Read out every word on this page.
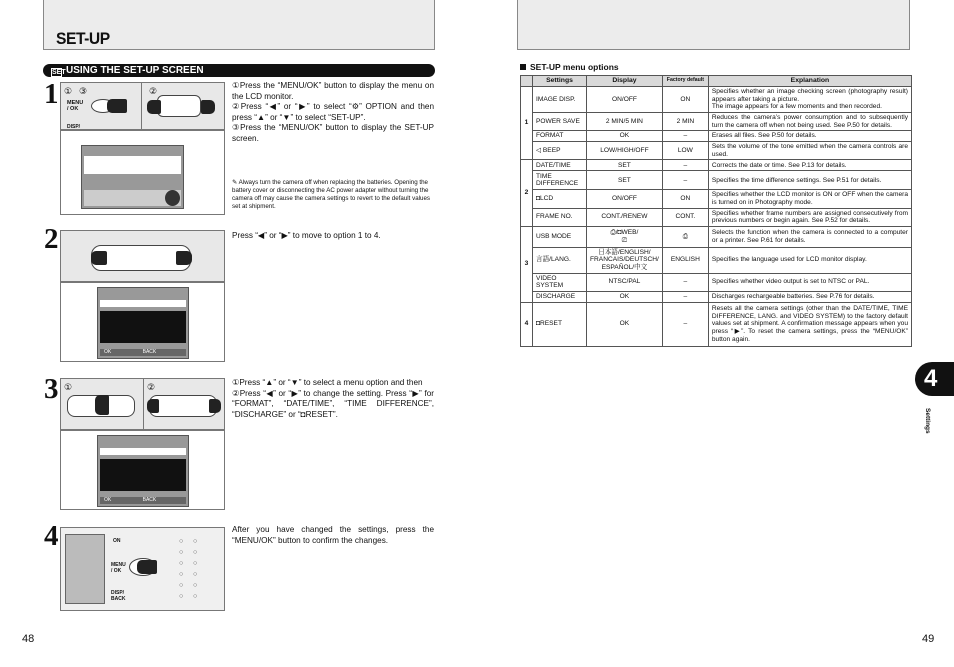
SET-UP
SETUSING THE SET-UP SCREEN
1 ① ③	②
MENU
/ OK
DISP/

①Press the “MENU/OK” button to display the menu on the LCD monitor.

②Press “◀” or “▶” to select “⚙” OPTION and then press “▲” or “▼” to select “SET-UP”.

③Press the “MENU/OK” button to display the SET-UP screen.

✎ Always turn the camera off when replacing the batteries. Opening the battery cover or disconnecting the AC power adapter without turning the camera off may cause the camera settings to revert to the default values set at shipment.
2
OK	BACK

Press “◀” or “▶” to move to option 1 to 4.

3 ①	②
OK	BACK

①Press “▲” or “▼” to select a menu option and then

②Press “◀” or “▶” to change the setting. Press “▶” for “FORMAT”, “DATE/TIME”, “TIME DIFFERENCE”, “DISCHARGE” or “◘RESET”.

4	ON
MENU
/ OK
DISP/
BACK
○
○
○
○
○
○
○
○
○
○
○
○

After you have changed the settings, press the “MENU/OK” button to confirm the changes.

48
SET-UP menu options
	Settings	Display	Factory default	Explanation
1	IMAGE DISP.	ON/OFF	ON	Specifies whether an image checking screen (photography result) appears after taking a picture.
The image appears for a few moments and then recorded.
	POWER SAVE	2 MIN/5 MIN	2 MIN	Reduces the camera’s power consumption and to subsequently turn the camera off when not being used. See P.50 for details.
	FORMAT	OK	–	Erases all files. See P.50 for details.
	◁ BEEP	LOW/HIGH/OFF	LOW	Sets the volume of the tone emitted when the camera controls are used.
2	DATE/TIME	SET	–	Corrects the date or time. See P.13 for details.
	TIME DIFFERENCE	SET	–	Specifies the time difference settings. See P.51 for details.
	◘LCD	ON/OFF	ON	Specifies whether the LCD monitor is ON or OFF when the camera is turned on in Photography mode.
	FRAME NO.	CONT./RENEW	CONT.	Specifies whether frame numbers are assigned consecutively from previous numbers or begin again. See P.52 for details.
3	USB MODE	⎙/◘WEB/
⎚	⎙	Selects the function when the camera is connected to a computer or a printer. See P.61 for details.
	言語/LANG.	日本語/ENGLISH/
FRANCAIS/DEUTSCH/
ESPAÑOL/中文	ENGLISH	Specifies the language used for LCD monitor display.
	VIDEO SYSTEM	NTSC/PAL	–	Specifies whether video output is set to NTSC or PAL.
	DISCHARGE	OK	–	Discharges rechargeable batteries. See P.76 for details.
4	◘RESET	OK	–	Resets all the camera settings (other than the DATE/TIME, TIME DIFFERENCE, LANG. and VIDEO SYSTEM) to the factory default values set at shipment. A confirmation message appears when you press “▶”. To reset the camera settings, press the “MENU/OK” button again.
4
Settings
49
